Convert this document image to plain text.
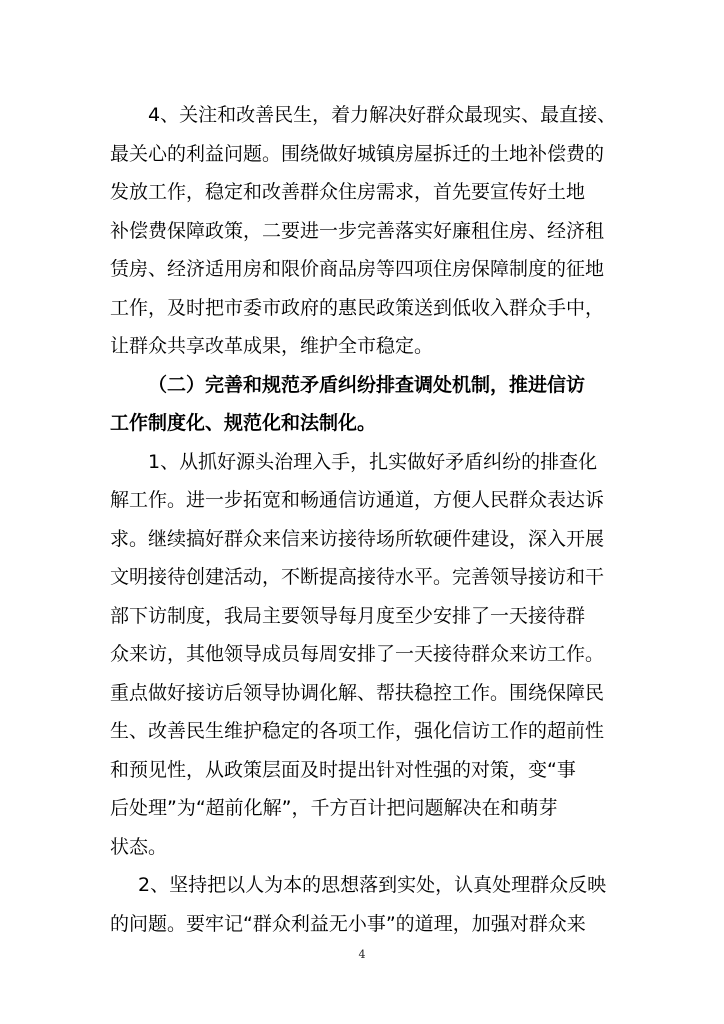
4、关注和改善民生，着力解决好群众最现实、最直接、
最关心的利益问题。围绕做好城镇房屋拆迁的土地补偿费的
发放工作，稳定和改善群众住房需求，首先要宣传好土地
补偿费保障政策，二要进一步完善落实好廉租住房、经济租
赁房、经济适用房和限价商品房等四项住房保障制度的征地
工作，及时把市委市政府的惠民政策送到低收入群众手中，
让群众共享改革成果，维护全市稳定。
（二）完善和规范矛盾纠纷排查调处机制，推进信访
工作制度化、规范化和法制化。
1、从抓好源头治理入手，扎实做好矛盾纠纷的排查化
解工作。进一步拓宽和畅通信访通道，方便人民群众表达诉
求。继续搞好群众来信来访接待场所软硬件建设，深入开展
文明接待创建活动，不断提高接待水平。完善领导接访和干
部下访制度，我局主要领导每月度至少安排了一天接待群
众来访，其他领导成员每周安排了一天接待群众来访工作。
重点做好接访后领导协调化解、帮扶稳控工作。围绕保障民
生、改善民生维护稳定的各项工作，强化信访工作的超前性
和预见性，从政策层面及时提出针对性强的对策，变“事
后处理”为“超前化解”，千方百计把问题解决在和萌芽
状态。
2、坚持把以人为本的思想落到实处，认真处理群众反映
的问题。要牢记“群众利益无小事”的道理，加强对群众来
4
